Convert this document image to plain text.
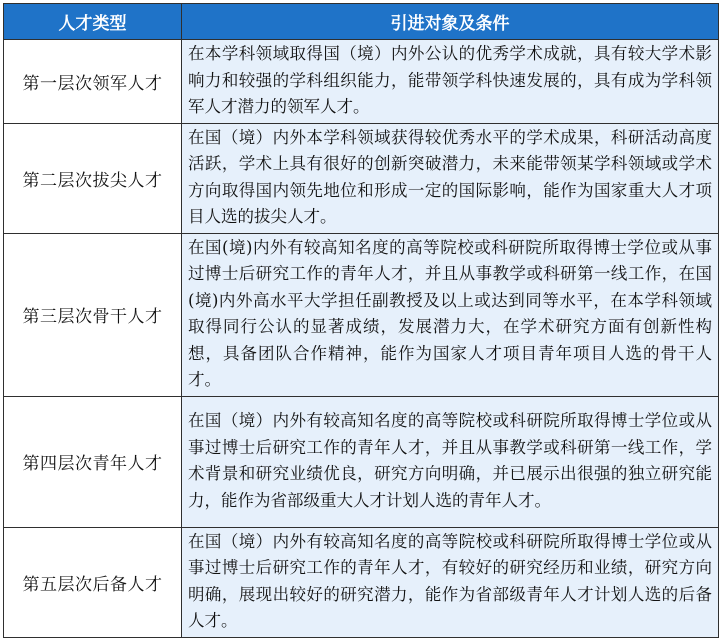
人才类型	引进对象及条件
第一层次领军人才	在本学科领域取得国（境）内外公认的优秀学术成就，具有较大学术影响力和较强的学科组织能力，能带领学科快速发展的，具有成为学科领军人才潜力的领军人才。
第二层次拔尖人才	在国（境）内外本学科领域获得较优秀水平的学术成果，科研活动高度活跃，学术上具有很好的创新突破潜力，未来能带领某学科领域或学术方向取得国内领先地位和形成一定的国际影响，能作为国家重大人才项目人选的拔尖人才。
第三层次骨干人才	在国(境)内外有较高知名度的高等院校或科研院所取得博士学位或从事过博士后研究工作的青年人才，并且从事教学或科研第一线工作，在国(境)内外高水平大学担任副教授及以上或达到同等水平，在本学科领域取得同行公认的显著成绩，发展潜力大，在学术研究方面有创新性构想，具备团队合作精神，能作为国家人才项目青年项目人选的骨干人才。
第四层次青年人才	在国（境）内外有较高知名度的高等院校或科研院所取得博士学位或从事过博士后研究工作的青年人才，并且从事教学或科研第一线工作，学术背景和研究业绩优良，研究方向明确，并已展示出很强的独立研究能力，能作为省部级重大人才计划人选的青年人才。
第五层次后备人才	在国（境）内外有较高知名度的高等院校或科研院所取得博士学位或从事过博士后研究工作的青年人才，有较好的研究经历和业绩，研究方向明确，展现出较好的研究潜力，能作为省部级青年人才计划人选的后备人才。
